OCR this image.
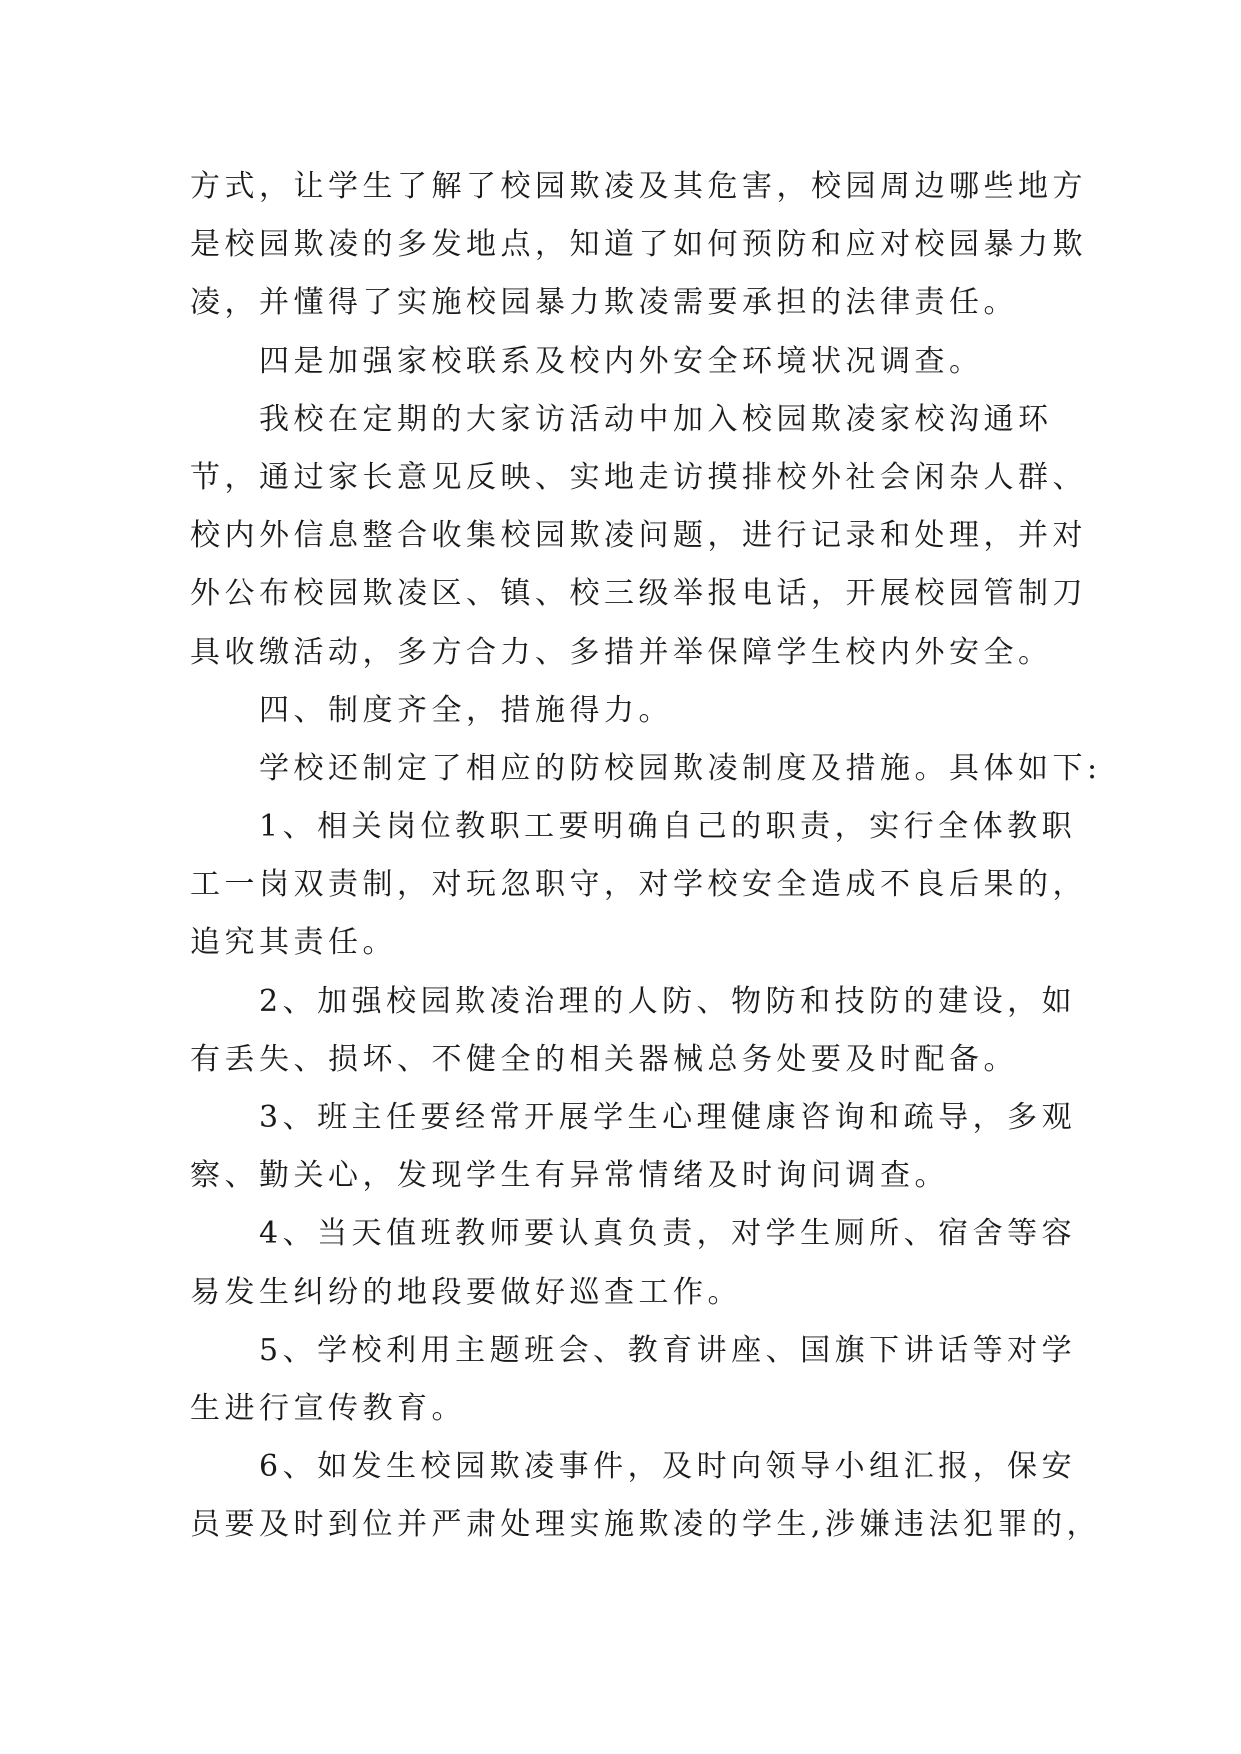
方式，让学生了解了校园欺凌及其危害，校园周边哪些地方
是校园欺凌的多发地点，知道了如何预防和应对校园暴力欺
凌，并懂得了实施校园暴力欺凌需要承担的法律责任。
　　四是加强家校联系及校内外安全环境状况调查。
　　我校在定期的大家访活动中加入校园欺凌家校沟通环
节，通过家长意见反映、实地走访摸排校外社会闲杂人群、
校内外信息整合收集校园欺凌问题，进行记录和处理，并对
外公布校园欺凌区、镇、校三级举报电话，开展校园管制刀
具收缴活动，多方合力、多措并举保障学生校内外安全。
　　四、制度齐全，措施得力。
　　学校还制定了相应的防校园欺凌制度及措施。具体如下:
　　1、相关岗位教职工要明确自己的职责，实行全体教职
工一岗双责制，对玩忽职守，对学校安全造成不良后果的，
追究其责任。
　　2、加强校园欺凌治理的人防、物防和技防的建设，如
有丢失、损坏、不健全的相关器械总务处要及时配备。
　　3、班主任要经常开展学生心理健康咨询和疏导，多观
察、勤关心，发现学生有异常情绪及时询问调查。
　　4、当天值班教师要认真负责，对学生厕所、宿舍等容
易发生纠纷的地段要做好巡查工作。
　　5、学校利用主题班会、教育讲座、国旗下讲话等对学
生进行宣传教育。
　　6、如发生校园欺凌事件，及时向领导小组汇报，保安
员要及时到位并严肃处理实施欺凌的学生,涉嫌违法犯罪的，
